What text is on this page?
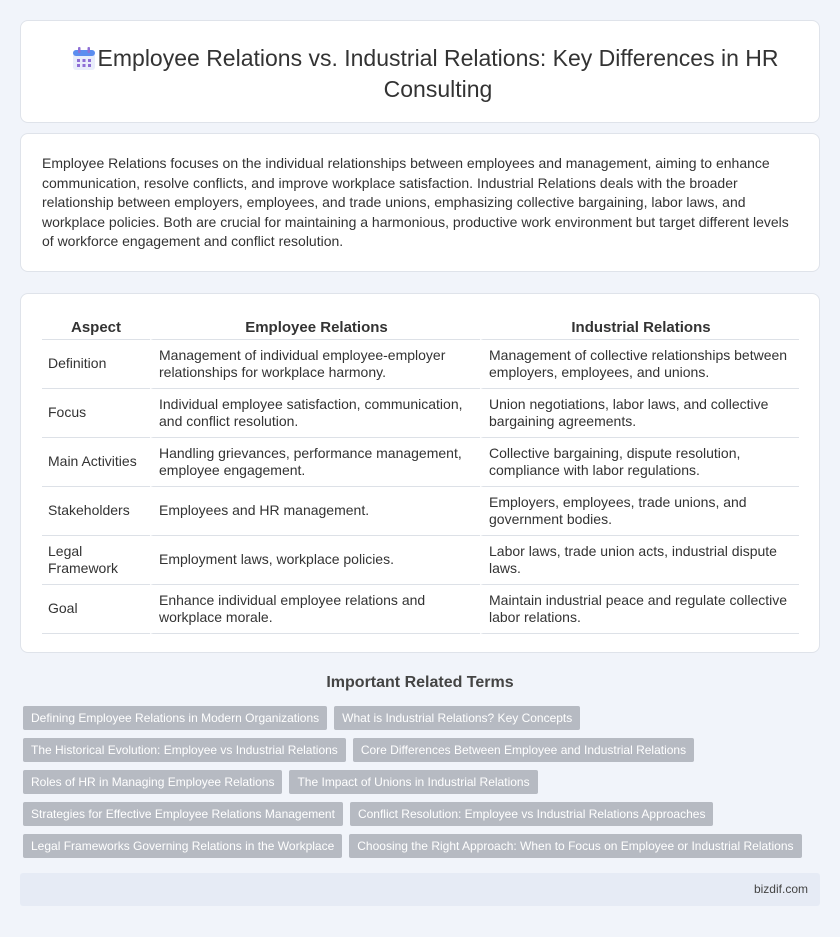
Employee Relations vs. Industrial Relations: Key Differences in HR Consulting

Employee Relations focuses on the individual relationships between employees and management, aiming to enhance communication, resolve conflicts, and improve workplace satisfaction. Industrial Relations deals with the broader relationship between employers, employees, and trade unions, emphasizing collective bargaining, labor laws, and workplace policies. Both are crucial for maintaining a harmonious, productive work environment but target different levels of workforce engagement and conflict resolution.

Aspect	Employee Relations	Industrial Relations
Definition	Management of individual employee-employer relationships for workplace harmony.	Management of collective relationships between employers, employees, and unions.
Focus	Individual employee satisfaction, communication, and conflict resolution.	Union negotiations, labor laws, and collective bargaining agreements.
Main Activities	Handling grievances, performance management, employee engagement.	Collective bargaining, dispute resolution, compliance with labor regulations.
Stakeholders	Employees and HR management.	Employers, employees, trade unions, and government bodies.
Legal Framework	Employment laws, workplace policies.	Labor laws, trade union acts, industrial dispute laws.
Goal	Enhance individual employee relations and workplace morale.	Maintain industrial peace and regulate collective labor relations.
Important Related Terms
Defining Employee Relations in Modern Organizations	What is Industrial Relations? Key Concepts
The Historical Evolution: Employee vs Industrial Relations	Core Differences Between Employee and Industrial Relations
Roles of HR in Managing Employee Relations	The Impact of Unions in Industrial Relations
Strategies for Effective Employee Relations Management	Conflict Resolution: Employee vs Industrial Relations Approaches
Legal Frameworks Governing Relations in the Workplace	Choosing the Right Approach: When to Focus on Employee or Industrial Relations
bizdif.com
